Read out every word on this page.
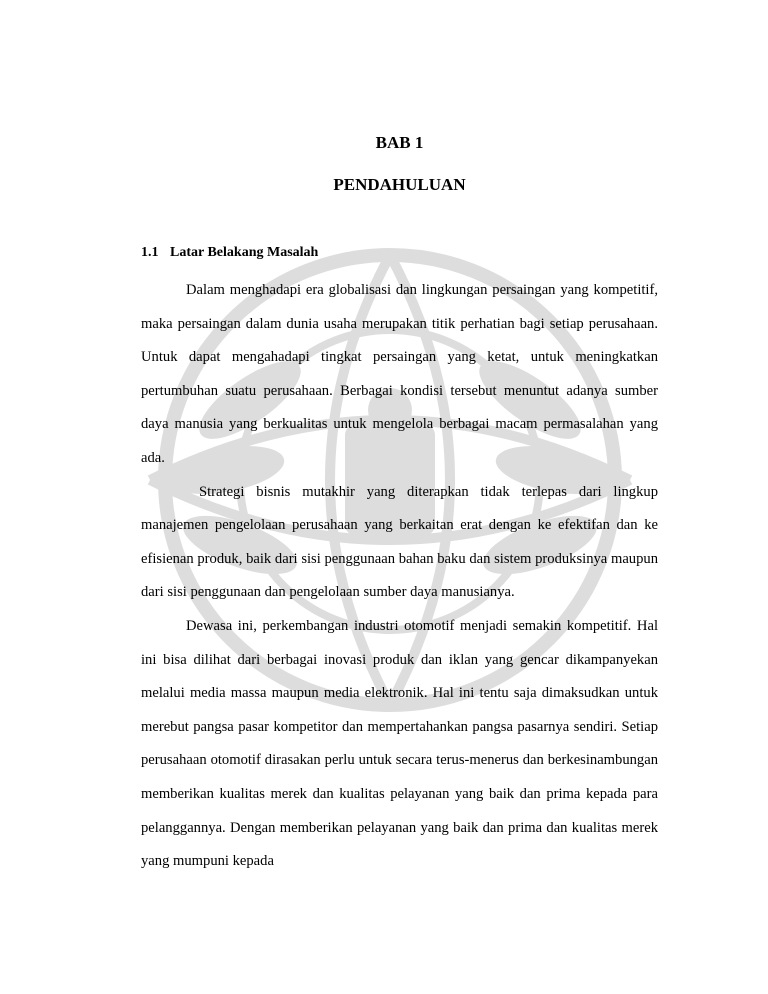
BAB 1
PENDAHULUAN
1.1 Latar Belakang Masalah

Dalam menghadapi era globalisasi dan lingkungan persaingan yang kompetitif, maka persaingan dalam dunia usaha merupakan titik perhatian bagi setiap perusahaan. Untuk dapat mengahadapi tingkat persaingan yang ketat, untuk meningkatkan pertumbuhan suatu perusahaan. Berbagai kondisi tersebut menuntut adanya sumber daya manusia yang berkualitas untuk mengelola berbagai macam permasalahan yang ada.

Strategi bisnis mutakhir yang diterapkan tidak terlepas dari lingkup manajemen pengelolaan perusahaan yang berkaitan erat dengan ke efektifan dan ke efisienan produk, baik dari sisi penggunaan bahan baku dan sistem produksinya maupun dari sisi penggunaan dan pengelolaan sumber daya manusianya.

Dewasa ini, perkembangan industri otomotif menjadi semakin kompetitif. Hal ini bisa dilihat dari berbagai inovasi produk dan iklan yang gencar dikampanyekan melalui media massa maupun media elektronik. Hal ini tentu saja dimaksudkan untuk merebut pangsa pasar kompetitor dan mempertahankan pangsa pasarnya sendiri. Setiap perusahaan otomotif dirasakan perlu untuk secara terus-menerus dan berkesinambungan memberikan kualitas merek dan kualitas pelayanan yang baik dan prima kepada para pelanggannya. Dengan memberikan pelayanan yang baik dan prima dan kualitas merek yang mumpuni kepada
